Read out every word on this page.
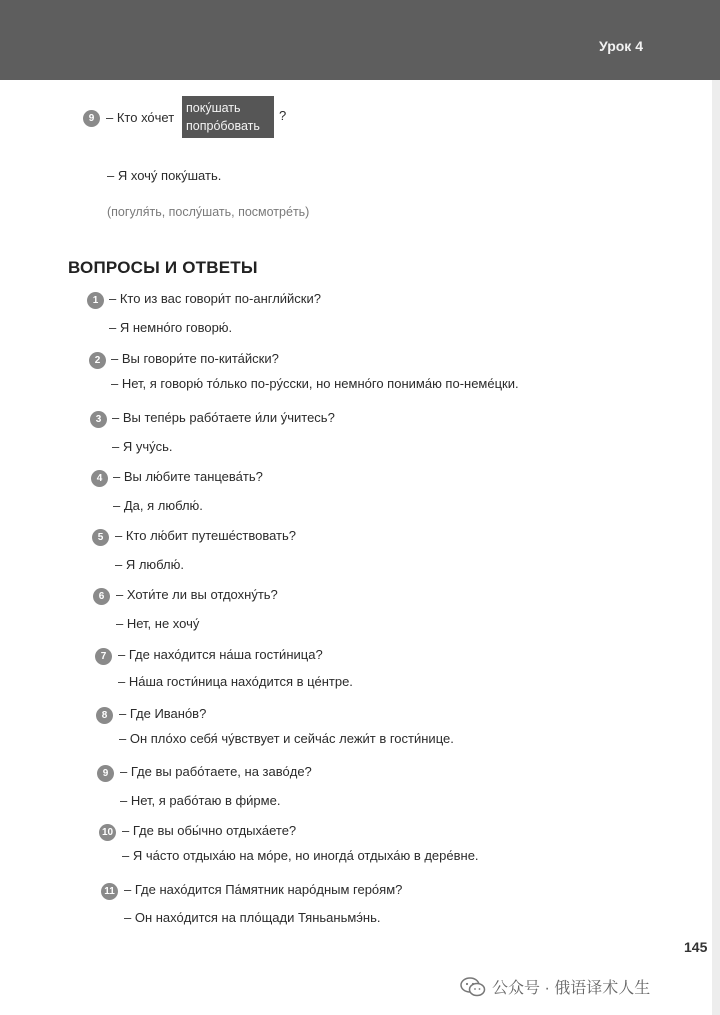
Урок 4
9 – Кто хо́чет
поку́шать
попро́бовать
?
– Я хочу́ поку́шать.
(погуля́ть, послу́шать, посмотре́ть)
ВОПРОСЫ И ОТВЕТЫ
1 – Кто из вас говори́т по-англи́йски?
– Я немно́го говорю́.
2 – Вы говори́те по-кита́йски?
– Нет, я говорю́ то́лько по-ру́сски, но немно́го понима́ю по-неме́цки.
3 – Вы тепе́рь рабо́таете и́ли у́читесь?
– Я учу́сь.
4 – Вы лю́бите танцева́ть?
– Да, я люблю́.
5 – Кто лю́бит путеше́ствовать?
– Я люблю́.
6 – Хоти́те ли вы отдохну́ть?
– Нет, не хочу́
7 – Где нахо́дится на́ша гости́ница?
– На́ша гости́ница нахо́дится в це́нтре.
8 – Где Ивано́в?
– Он пло́хо себя́ чу́вствует и сейча́с лежи́т в гости́нице.
9 – Где вы рабо́таете, на заво́де?
– Нет, я рабо́таю в фи́рме.
10 – Где вы обы́чно отдыха́ете?
– Я ча́сто отдыха́ю на мо́ре, но иногда́ отдыха́ю в дере́вне.
11 – Где нахо́дится Па́мятник наро́дным геро́ям?
– Он нахо́дится на пло́щади Тяньаньмэ́нь.
145
公众号 · 俄语译术人生
